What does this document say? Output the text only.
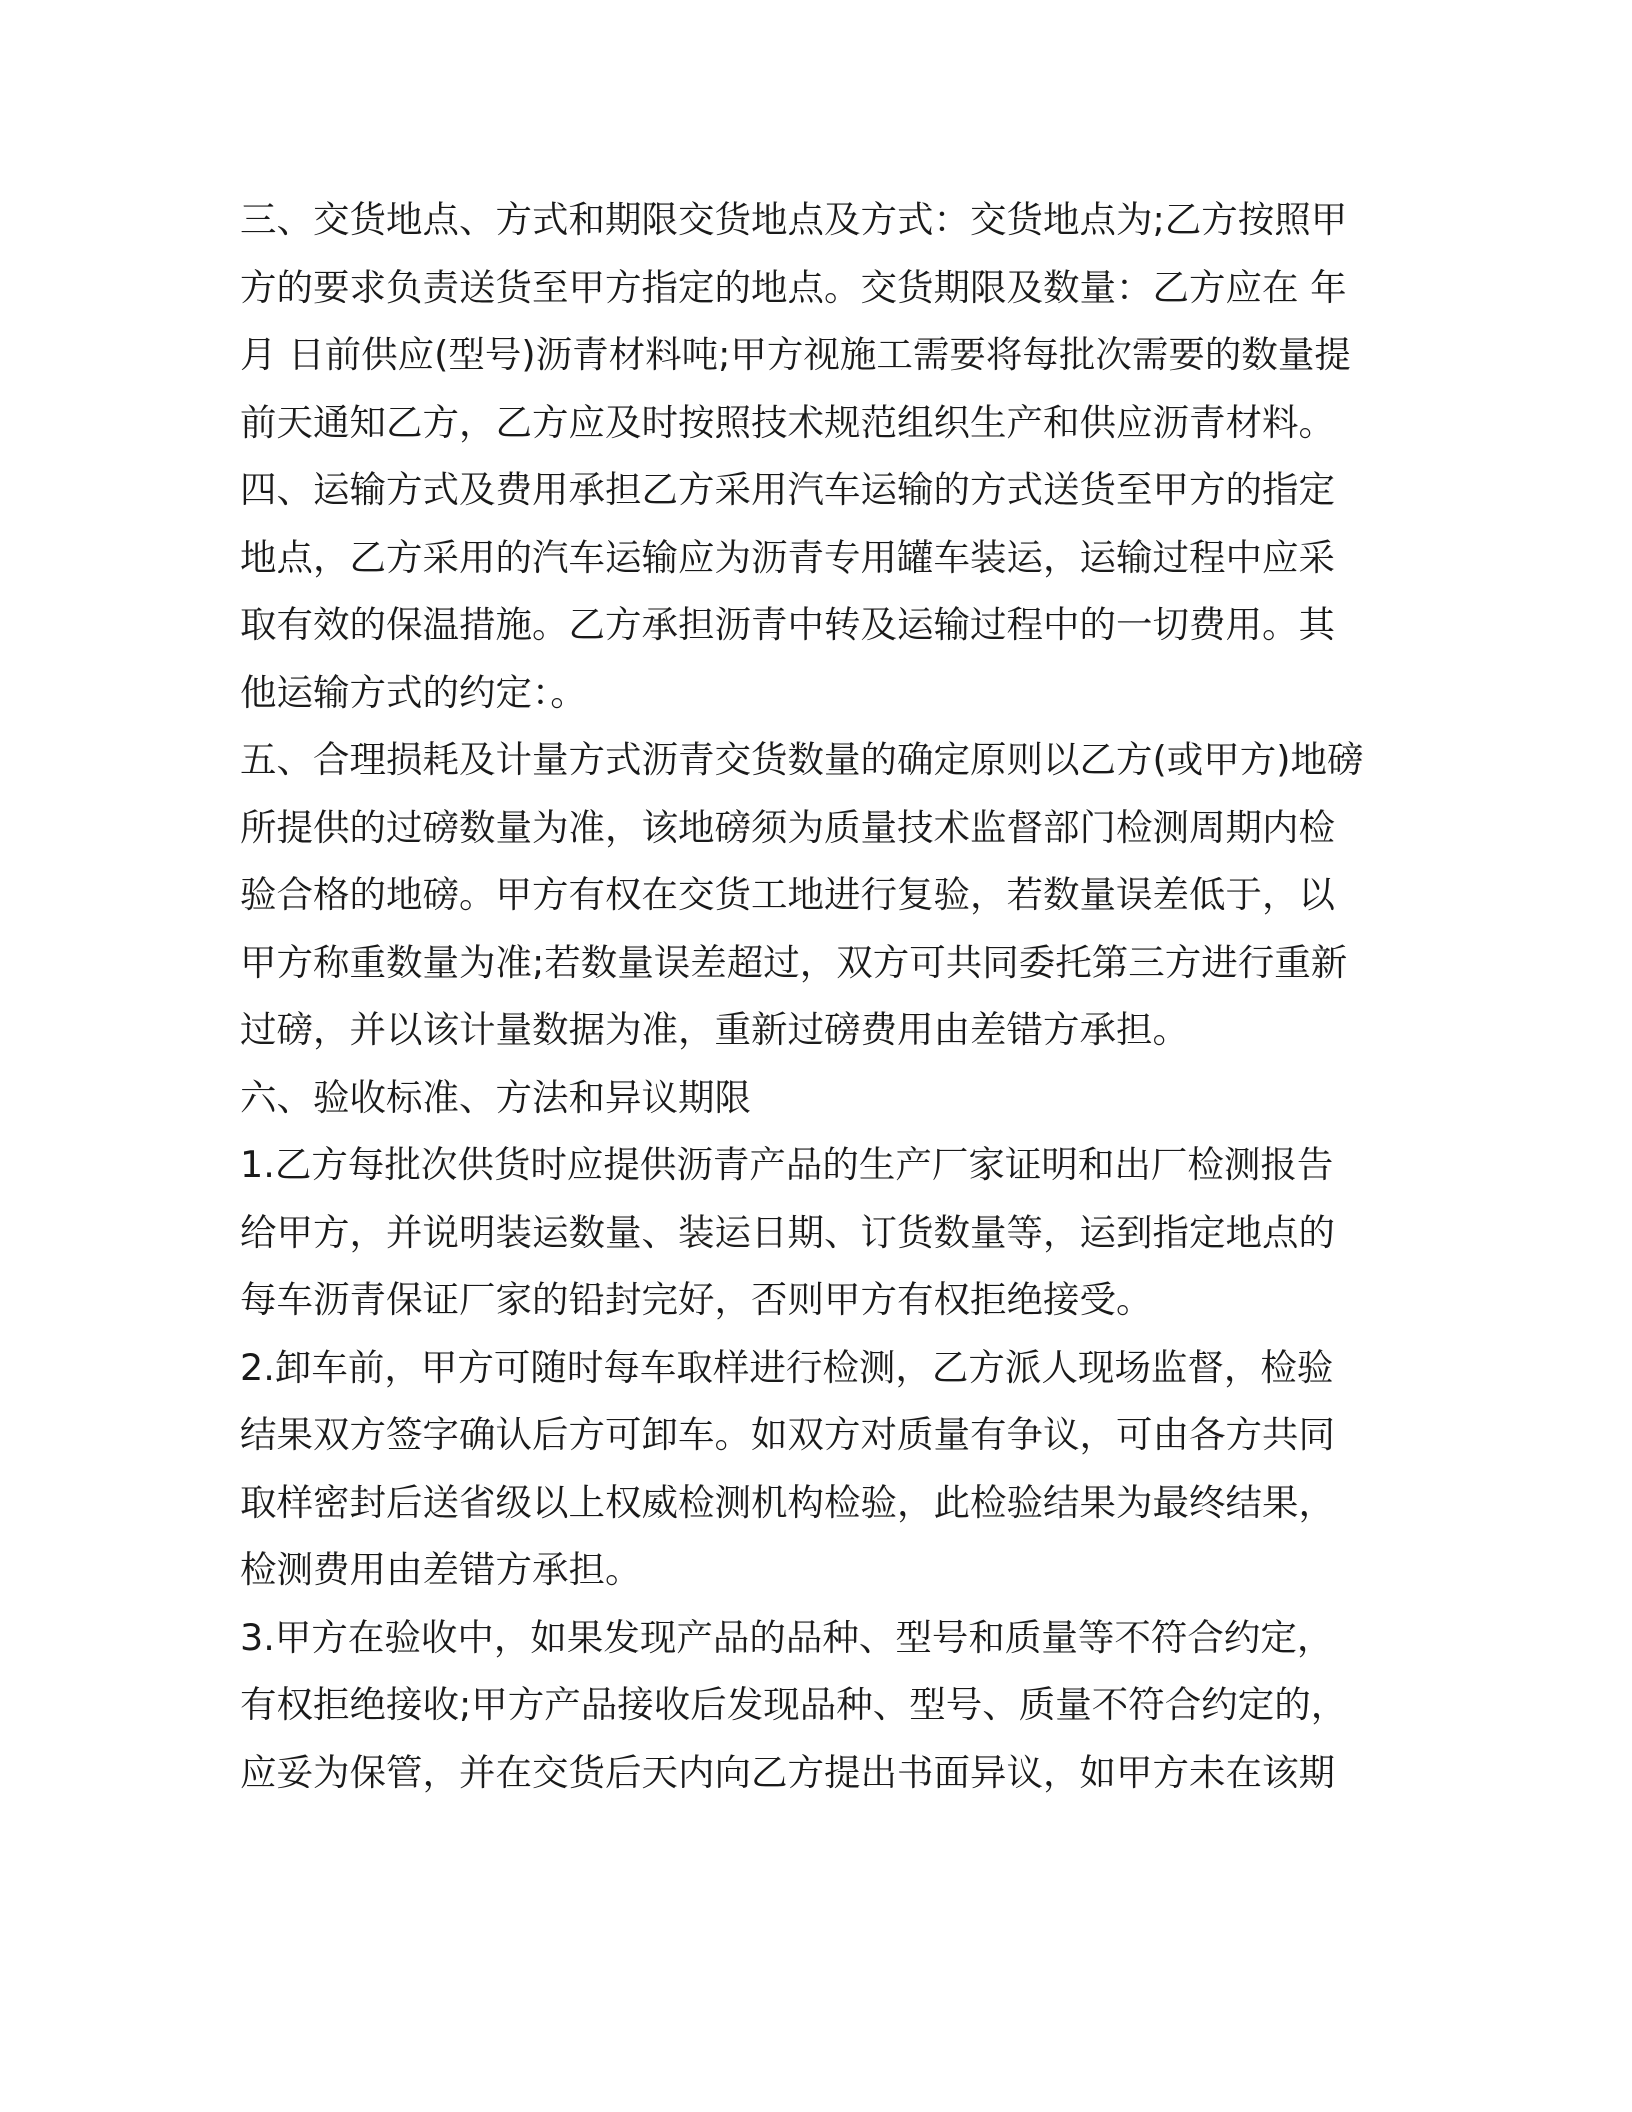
三、交货地点、方式和期限交货地点及方式：交货地点为;乙方按照甲
方的要求负责送货至甲方指定的地点。交货期限及数量：乙方应在 年
月 日前供应(型号)沥青材料吨;甲方视施工需要将每批次需要的数量提
前天通知乙方，乙方应及时按照技术规范组织生产和供应沥青材料。
四、运输方式及费用承担乙方采用汽车运输的方式送货至甲方的指定
地点，乙方采用的汽车运输应为沥青专用罐车装运，运输过程中应采
取有效的保温措施。乙方承担沥青中转及运输过程中的一切费用。其
他运输方式的约定：。
五、合理损耗及计量方式沥青交货数量的确定原则以乙方(或甲方)地磅
所提供的过磅数量为准，该地磅须为质量技术监督部门检测周期内检
验合格的地磅。甲方有权在交货工地进行复验，若数量误差低于，以
甲方称重数量为准;若数量误差超过，双方可共同委托第三方进行重新
过磅，并以该计量数据为准，重新过磅费用由差错方承担。
六、验收标准、方法和异议期限
1.乙方每批次供货时应提供沥青产品的生产厂家证明和出厂检测报告
给甲方，并说明装运数量、装运日期、订货数量等，运到指定地点的
每车沥青保证厂家的铅封完好，否则甲方有权拒绝接受。
2.卸车前，甲方可随时每车取样进行检测，乙方派人现场监督，检验
结果双方签字确认后方可卸车。如双方对质量有争议，可由各方共同
取样密封后送省级以上权威检测机构检验，此检验结果为最终结果，
检测费用由差错方承担。
3.甲方在验收中，如果发现产品的品种、型号和质量等不符合约定，
有权拒绝接收;甲方产品接收后发现品种、型号、质量不符合约定的，
应妥为保管，并在交货后天内向乙方提出书面异议，如甲方未在该期
